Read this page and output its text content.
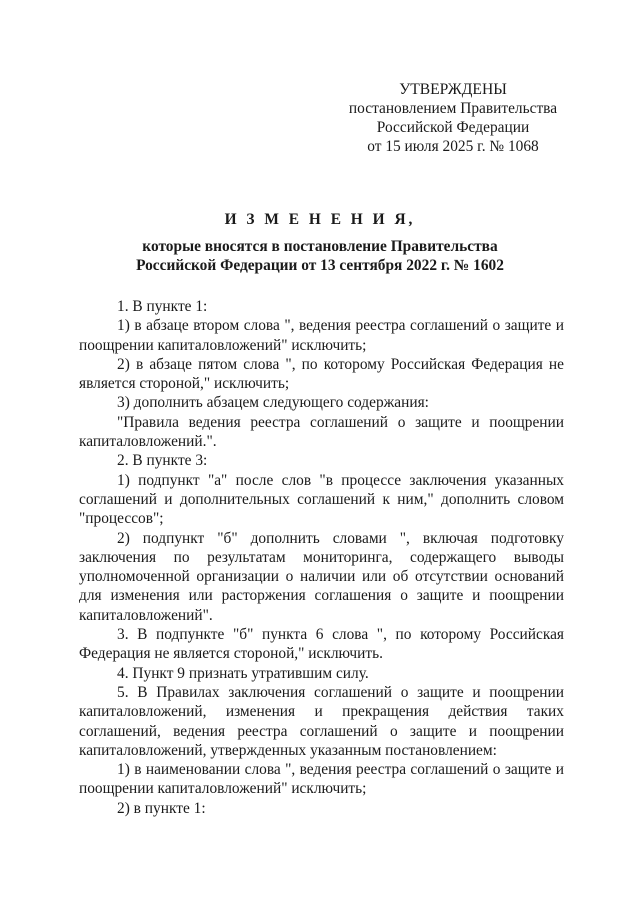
УТВЕРЖДЕНЫ
постановлением Правительства
Российской Федерации
от 15 июля 2025 г. № 1068
И З М Е Н Е Н И Я,
которые вносятся в постановление Правительства
Российской Федерации от 13 сентября 2022 г. № 1602

1. В пункте 1:

1) в абзаце втором слова ", ведения реестра соглашений о защите и поощрении капиталовложений" исключить;

2) в абзаце пятом слова ", по которому Российская Федерация не является стороной," исключить;

3) дополнить абзацем следующего содержания:

"Правила ведения реестра соглашений о защите и поощрении капиталовложений.".

2. В пункте 3:

1) подпункт "а" после слов "в процессе заключения указанных соглашений и дополнительных соглашений к ним," дополнить словом "процессов";

2) подпункт "б" дополнить словами ", включая подготовку заключения по результатам мониторинга, содержащего выводы уполномоченной организации о наличии или об отсутствии оснований для изменения или расторжения соглашения о защите и поощрении капиталовложений".

3. В подпункте "б" пункта 6 слова ", по которому Российская Федерация не является стороной," исключить.

4. Пункт 9 признать утратившим силу.

5. В Правилах заключения соглашений о защите и поощрении капиталовложений, изменения и прекращения действия таких соглашений, ведения реестра соглашений о защите и поощрении капиталовложений, утвержденных указанным постановлением:

1) в наименовании слова ", ведения реестра соглашений о защите и поощрении капиталовложений" исключить;

2) в пункте 1:
